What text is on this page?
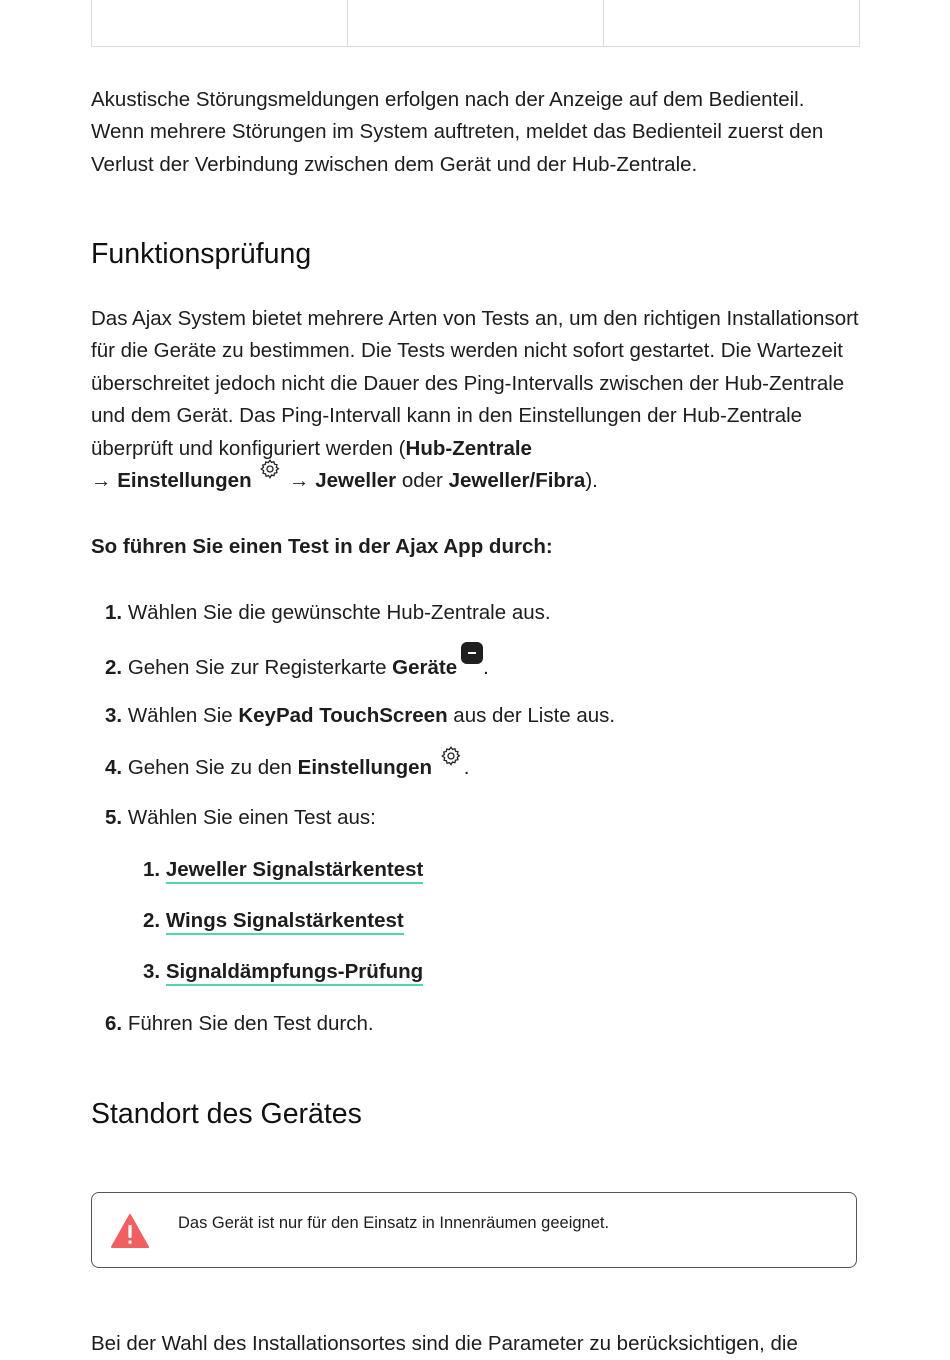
Akustische Störungsmeldungen erfolgen nach der Anzeige auf dem Bedienteil. Wenn mehrere Störungen im System auftreten, meldet das Bedienteil zuerst den Verlust der Verbindung zwischen dem Gerät und der Hub-Zentrale.

Funktionsprüfung

Das Ajax System bietet mehrere Arten von Tests an, um den richtigen Installationsort für die Geräte zu bestimmen. Die Tests werden nicht sofort gestartet. Die Wartezeit überschreitet jedoch nicht die Dauer des Ping-Intervalls zwischen der Hub-Zentrale und dem Gerät. Das Ping-Intervall kann in den Einstellungen der Hub-Zentrale überprüft und konfiguriert werden (Hub-Zentrale
→ Einstellungen → Jeweller oder Jeweller/Fibra).

So führen Sie einen Test in der Ajax App durch:
1. Wählen Sie die gewünschte Hub-Zentrale aus.
2. Gehen Sie zur Registerkarte Geräte .
3. Wählen Sie KeyPad TouchScreen aus der Liste aus.
4. Gehen Sie zu den Einstellungen .
5. Wählen Sie einen Test aus:
1. Jeweller Signalstärkentest
2. Wings Signalstärkentest
3. Signaldämpfungs-Prüfung
6. Führen Sie den Test durch.
Standort des Gerätes
Das Gerät ist nur für den Einsatz in Innenräumen geeignet.

Bei der Wahl des Installationsortes sind die Parameter zu berücksichtigen, die
